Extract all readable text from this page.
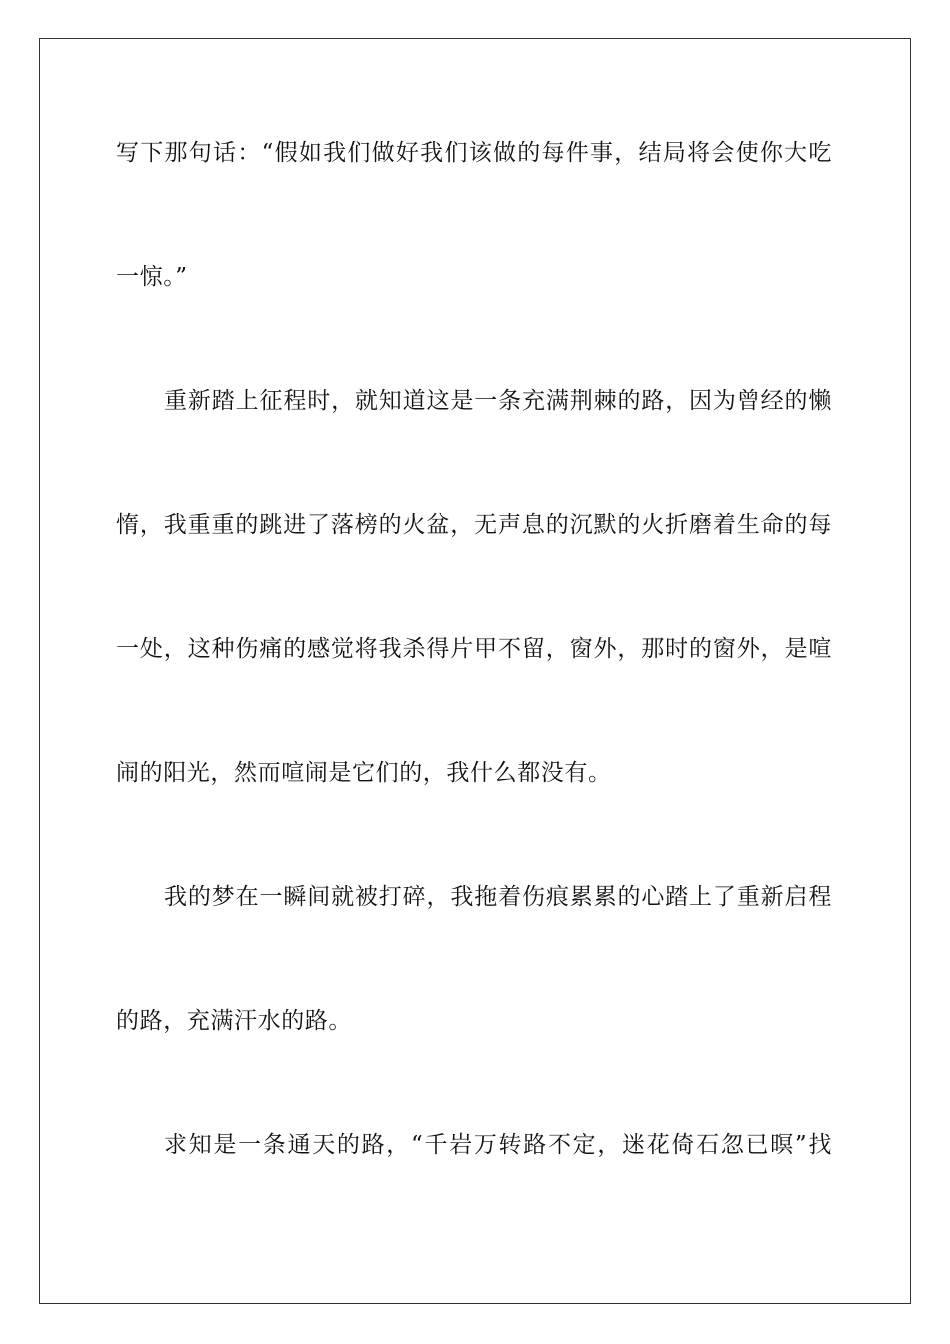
写下那句话：“假如我们做好我们该做的每件事，结局将会使你大吃
一惊。”
重新踏上征程时，就知道这是一条充满荆棘的路，因为曾经的懒
惰，我重重的跳进了落榜的火盆，无声息的沉默的火折磨着生命的每
一处，这种伤痛的感觉将我杀得片甲不留，窗外，那时的窗外，是喧
闹的阳光，然而喧闹是它们的，我什么都没有。
我的梦在一瞬间就被打碎，我拖着伤痕累累的心踏上了重新启程
的路，充满汗水的路。
求知是一条通天的路，“千岩万转路不定，迷花倚石忽已暝”找
